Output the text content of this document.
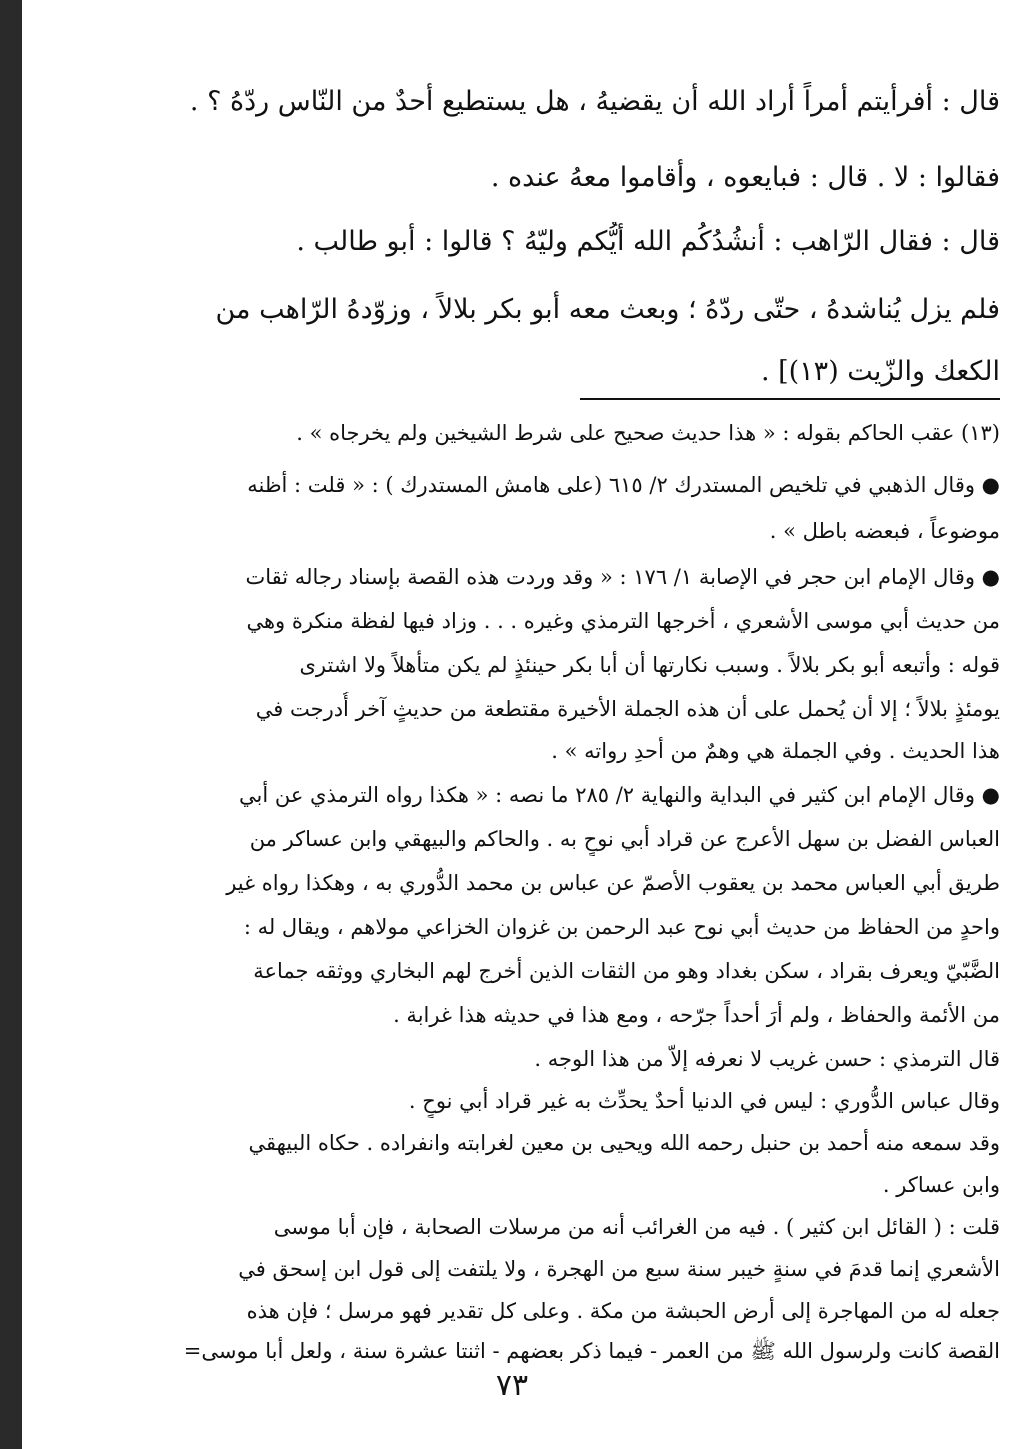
قال : أفرأيتم أمراً أراد الله أن يقضيهُ ، هل يستطيع أحدٌ من النّاس ردّهُ ؟ .
فقالوا : لا . قال : فبايعوه ، وأقاموا معهُ عنده .
قال : فقال الرّاهب : أنشُدُكُم الله أيُّكم وليّهُ ؟ قالوا : أبو طالب .
فلم يزل يُناشدهُ ، حتّى ردّهُ ؛ وبعث معه أبو بكر بلالاً ، وزوّدهُ الرّاهب من
الكعك والزّيت (١٣)] .
(١٣) عقب الحاكم بقوله : « هذا حديث صحيح على شرط الشيخين ولم يخرجاه » .
● وقال الذهبي في تلخيص المستدرك ٢/ ٦١٥ (على هامش المستدرك ) : « قلت : أظنه
موضوعاً ، فبعضه باطل » .
● وقال الإمام ابن حجر في الإصابة ١/ ١٧٦ : « وقد وردت هذه القصة بإسناد رجاله ثقات
من حديث أبي موسى الأشعري ، أخرجها الترمذي وغيره . . . وزاد فيها لفظة منكرة وهي
قوله : وأتبعه أبو بكر بلالاً . وسبب نكارتها أن أبا بكر حينئذٍ لم يكن متأهلاً ولا اشترى
يومئذٍ بلالاً ؛ إلا أن يُحمل على أن هذه الجملة الأخيرة مقتطعة من حديثٍ آخر أُدرجت في
هذا الحديث . وفي الجملة هي وهمٌ من أحدِ رواته » .
● وقال الإمام ابن كثير في البداية والنهاية ٢/ ٢٨٥ ما نصه : « هكذا رواه الترمذي عن أبي
العباس الفضل بن سهل الأعرج عن قراد أبي نوحٍ به . والحاكم والبيهقي وابن عساكر من
طريق أبي العباس محمد بن يعقوب الأصمّ عن عباس بن محمد الدُّوري به ، وهكذا رواه غير
واحدٍ من الحفاظ من حديث أبي نوح عبد الرحمن بن غزوان الخزاعي مولاهم ، ويقال له :
الضَّبّيّ ويعرف بقراد ، سكن بغداد وهو من الثقات الذين أخرج لهم البخاري ووثقه جماعة
من الأئمة والحفاظ ، ولم أرَ أحداً جرّحه ، ومع هذا في حديثه هذا غرابة .
قال الترمذي : حسن غريب لا نعرفه إلاّ من هذا الوجه .
وقال عباس الدُّوري : ليس في الدنيا أحدٌ يحدِّث به غير قراد أبي نوحٍ .
وقد سمعه منه أحمد بن حنبل رحمه الله ويحيى بن معين لغرابته وانفراده . حكاه البيهقي
وابن عساكر .
قلت : ( القائل ابن كثير ) . فيه من الغرائب أنه من مرسلات الصحابة ، فإن أبا موسى
الأشعري إنما قدمَ في سنةٍ خيبر سنة سبع من الهجرة ، ولا يلتفت إلى قول ابن إسحق في
جعله له من المهاجرة إلى أرض الحبشة من مكة . وعلى كل تقدير فهو مرسل ؛ فإن هذه
القصة كانت ولرسول الله ﷺ من العمر - فيما ذكر بعضهم - اثنتا عشرة سنة ، ولعل أبا موسى=
٧٣
